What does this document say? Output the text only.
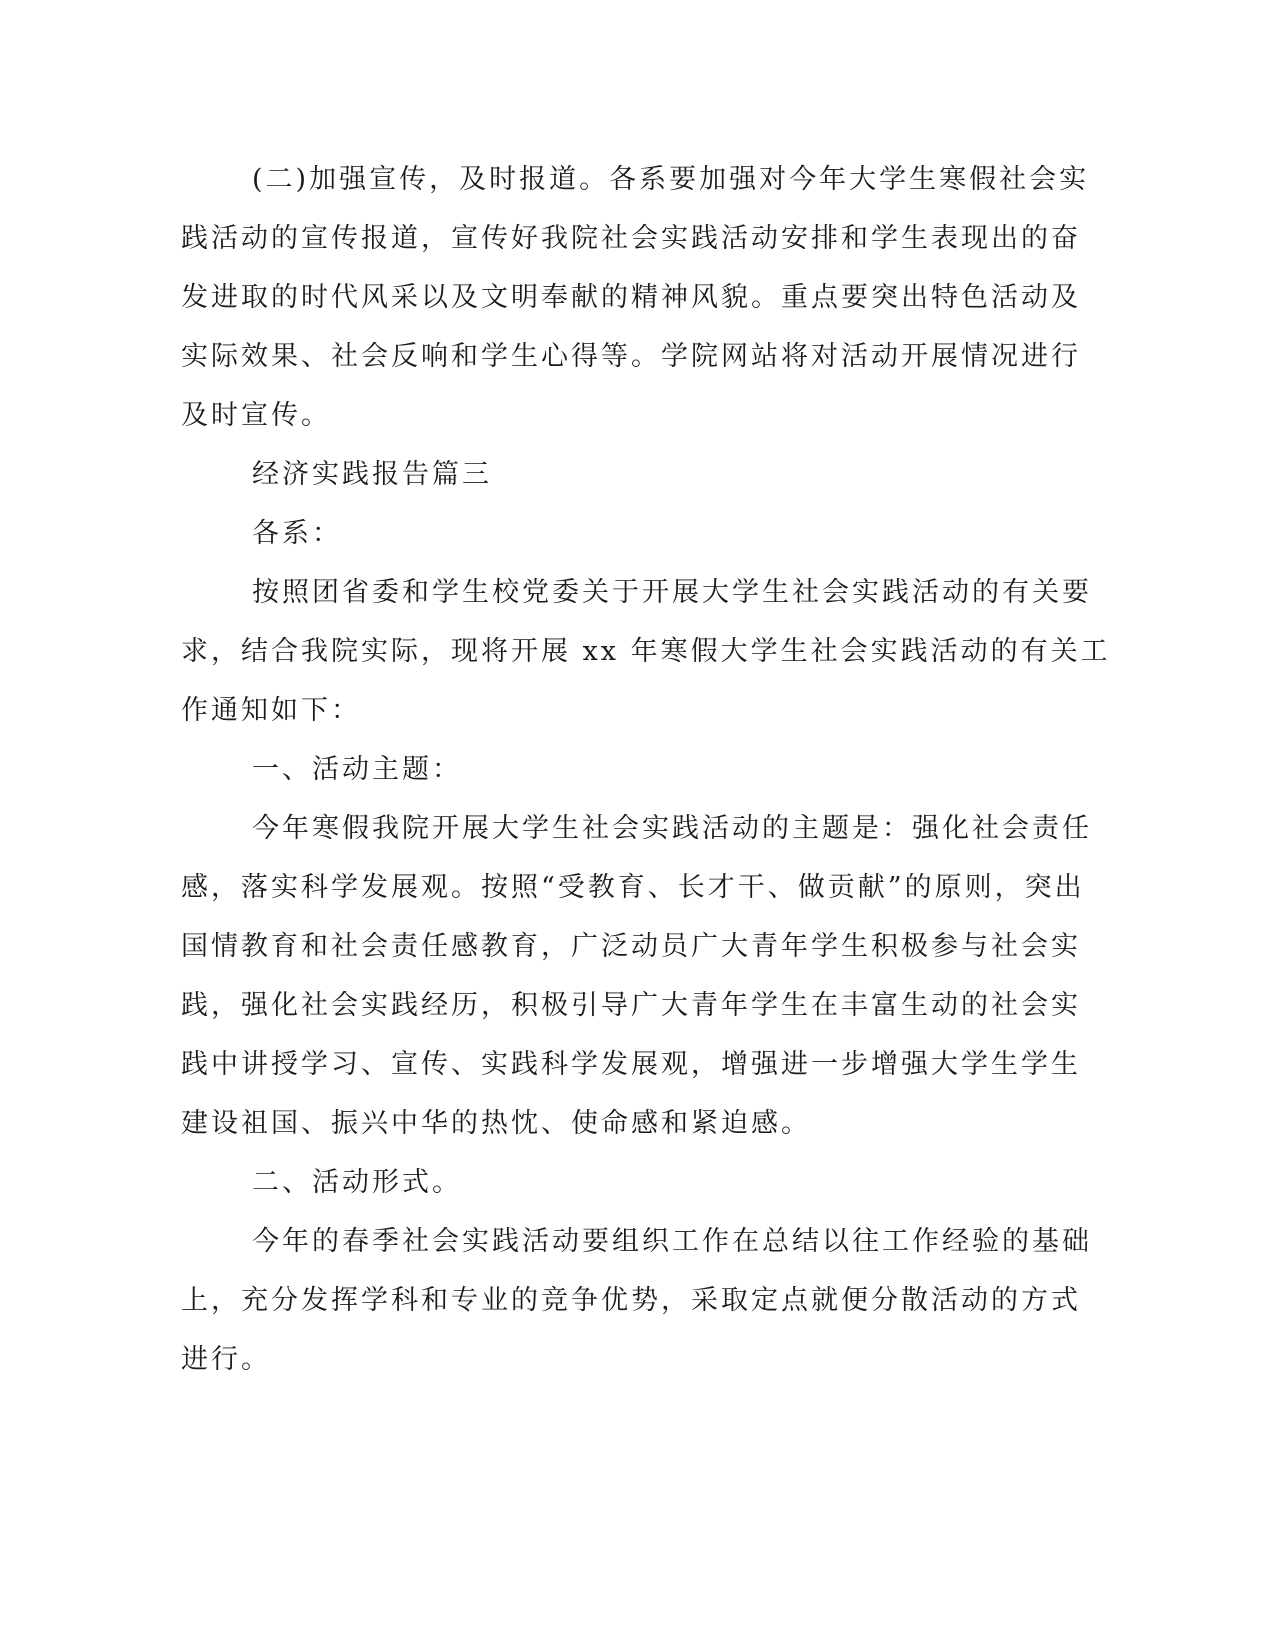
(二)加强宣传，及时报道。各系要加强对今年大学生寒假社会实
践活动的宣传报道，宣传好我院社会实践活动安排和学生表现出的奋
发进取的时代风采以及文明奉献的精神风貌。重点要突出特色活动及
实际效果、社会反响和学生心得等。学院网站将对活动开展情况进行
及时宣传。
经济实践报告篇三
各系：
按照团省委和学生校党委关于开展大学生社会实践活动的有关要
求，结合我院实际，现将开展 xx 年寒假大学生社会实践活动的有关工
作通知如下：
一、活动主题：
今年寒假我院开展大学生社会实践活动的主题是：强化社会责任
感，落实科学发展观。按照“受教育、长才干、做贡献”的原则，突出
国情教育和社会责任感教育，广泛动员广大青年学生积极参与社会实
践，强化社会实践经历，积极引导广大青年学生在丰富生动的社会实
践中讲授学习、宣传、实践科学发展观，增强进一步增强大学生学生
建设祖国、振兴中华的热忱、使命感和紧迫感。
二、活动形式。
今年的春季社会实践活动要组织工作在总结以往工作经验的基础
上，充分发挥学科和专业的竞争优势，采取定点就便分散活动的方式
进行。
